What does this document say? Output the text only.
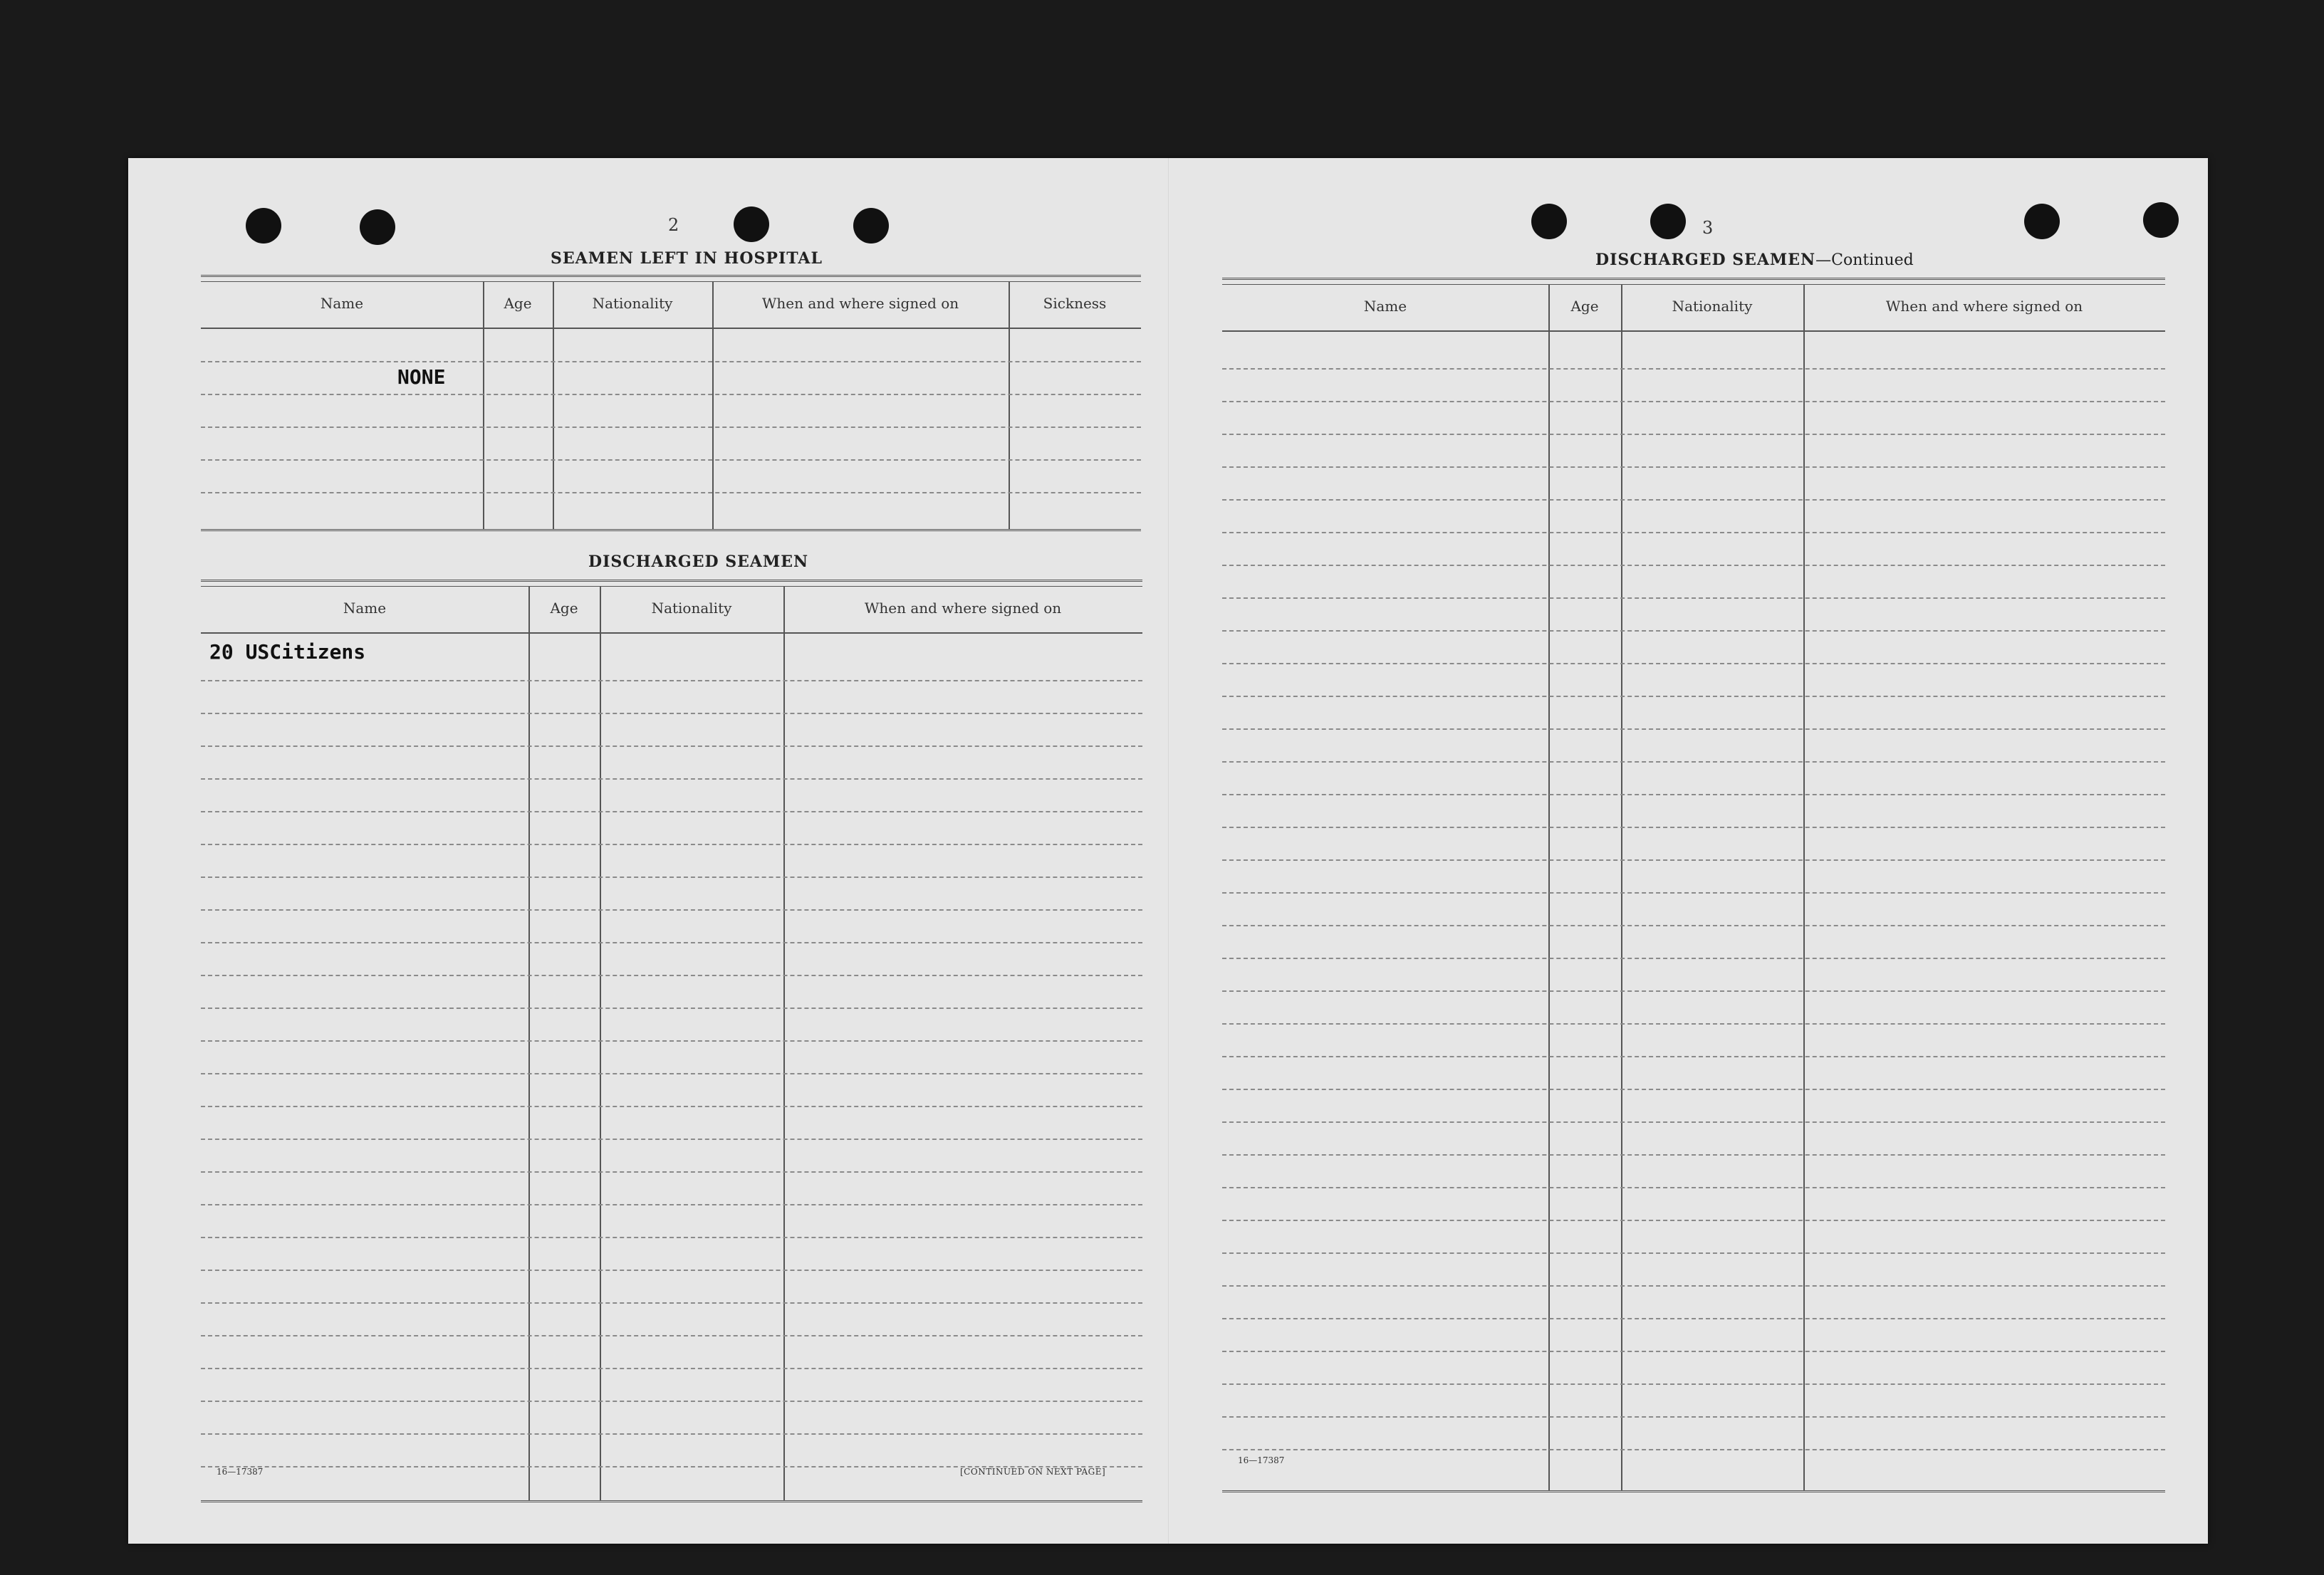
2
SEAMEN LEFT IN HOSPITAL
Name	Age	Nationality	When and where signed on	Sickness
NONE
DISCHARGED SEAMEN
Name	Age	Nationality	When and where signed on
20 USCitizens
16—17387	[CONTINUED ON NEXT PAGE]
3
DISCHARGED SEAMEN—Continued
Name	Age	Nationality	When and where signed on
16—17387
